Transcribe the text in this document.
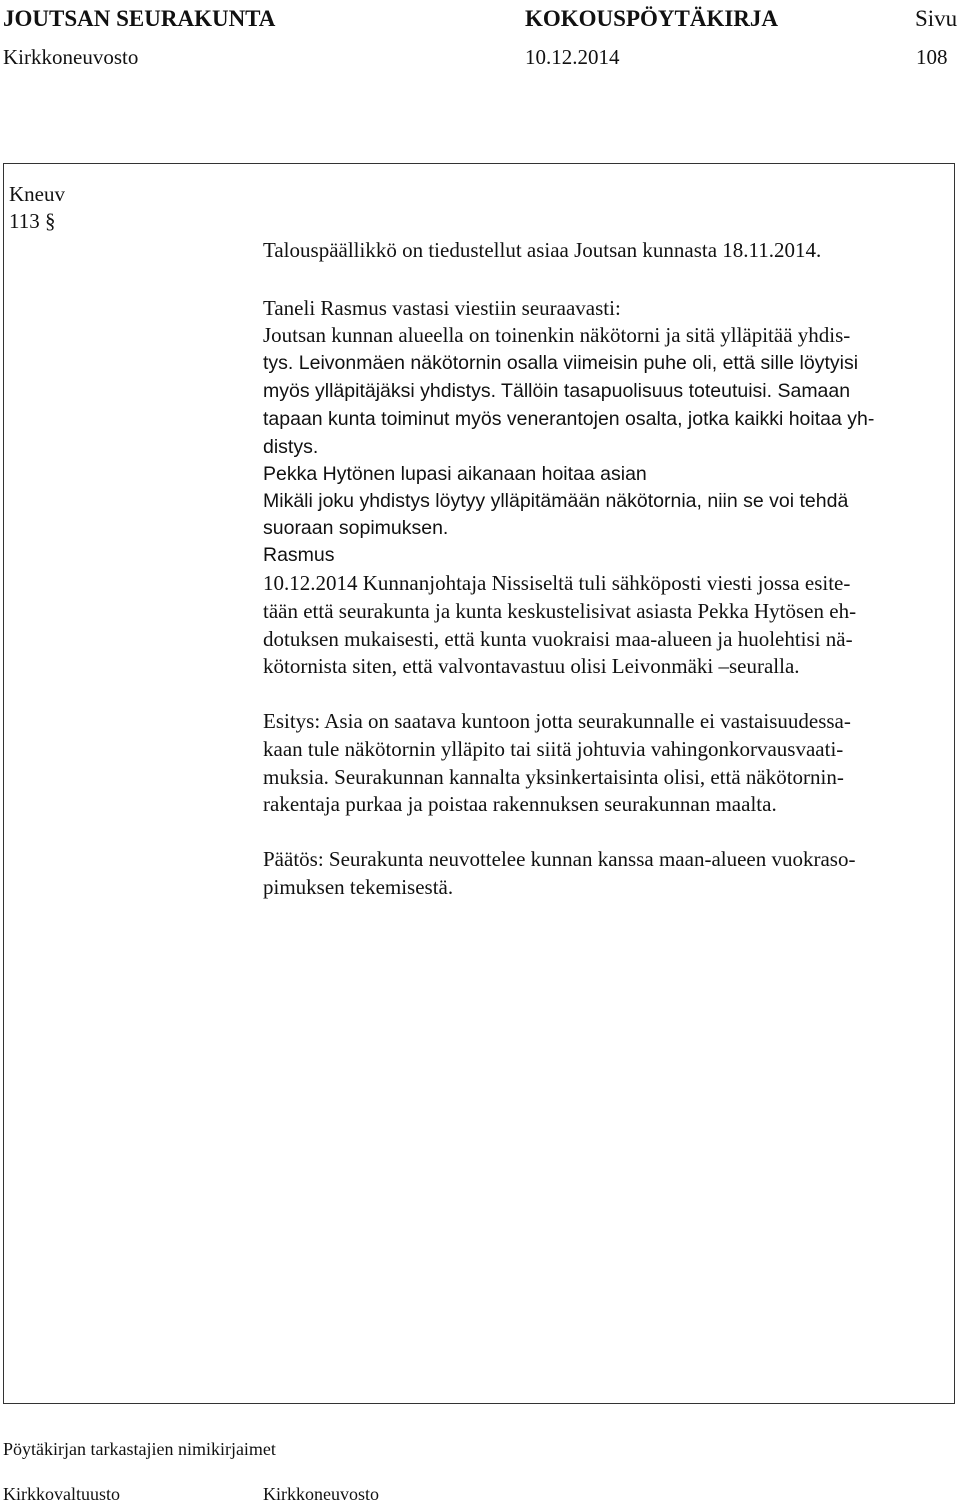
JOUTSAN SEURAKUNTA	KOKOUSPÖYTÄKIRJA	Sivu
Kirkkoneuvosto	10.12.2014	108
Kneuv
113 §
Talouspäällikkö on tiedustellut asiaa Joutsan kunnasta 18.11.2014.
Taneli Rasmus vastasi viestiin seuraavasti:
Joutsan kunnan alueella on toinenkin näkötorni ja sitä ylläpitää yhdis-
tys. Leivonmäen näkötornin osalla viimeisin puhe oli, että sille löytyisi
myös ylläpitäjäksi yhdistys. Tällöin tasapuolisuus toteutuisi. Samaan
tapaan kunta toiminut myös venerantojen osalta, jotka kaikki hoitaa yh-
distys.
Pekka Hytönen lupasi aikanaan hoitaa asian
Mikäli joku yhdistys löytyy ylläpitämään näkötornia, niin se voi tehdä
suoraan sopimuksen.
Rasmus
10.12.2014 Kunnanjohtaja Nissiseltä tuli sähköposti viesti jossa esite-
tään että seurakunta ja kunta keskustelisivat asiasta Pekka Hytösen eh-
dotuksen mukaisesti, että kunta vuokraisi maa-alueen ja huolehtisi nä-
kötornista siten, että valvontavastuu olisi Leivonmäki –seuralla.
Esitys: Asia on saatava kuntoon jotta seurakunnalle ei vastaisuudessa-
kaan tule näkötornin ylläpito tai siitä johtuvia vahingonkorvausvaati-
muksia. Seurakunnan kannalta yksinkertaisinta olisi, että näkötornin-
rakentaja purkaa ja poistaa rakennuksen seurakunnan maalta.
Päätös: Seurakunta neuvottelee kunnan kanssa maan-alueen vuokraso-
pimuksen tekemisestä.
Pöytäkirjan tarkastajien nimikirjaimet
Kirkkovaltuusto	Kirkkoneuvosto
